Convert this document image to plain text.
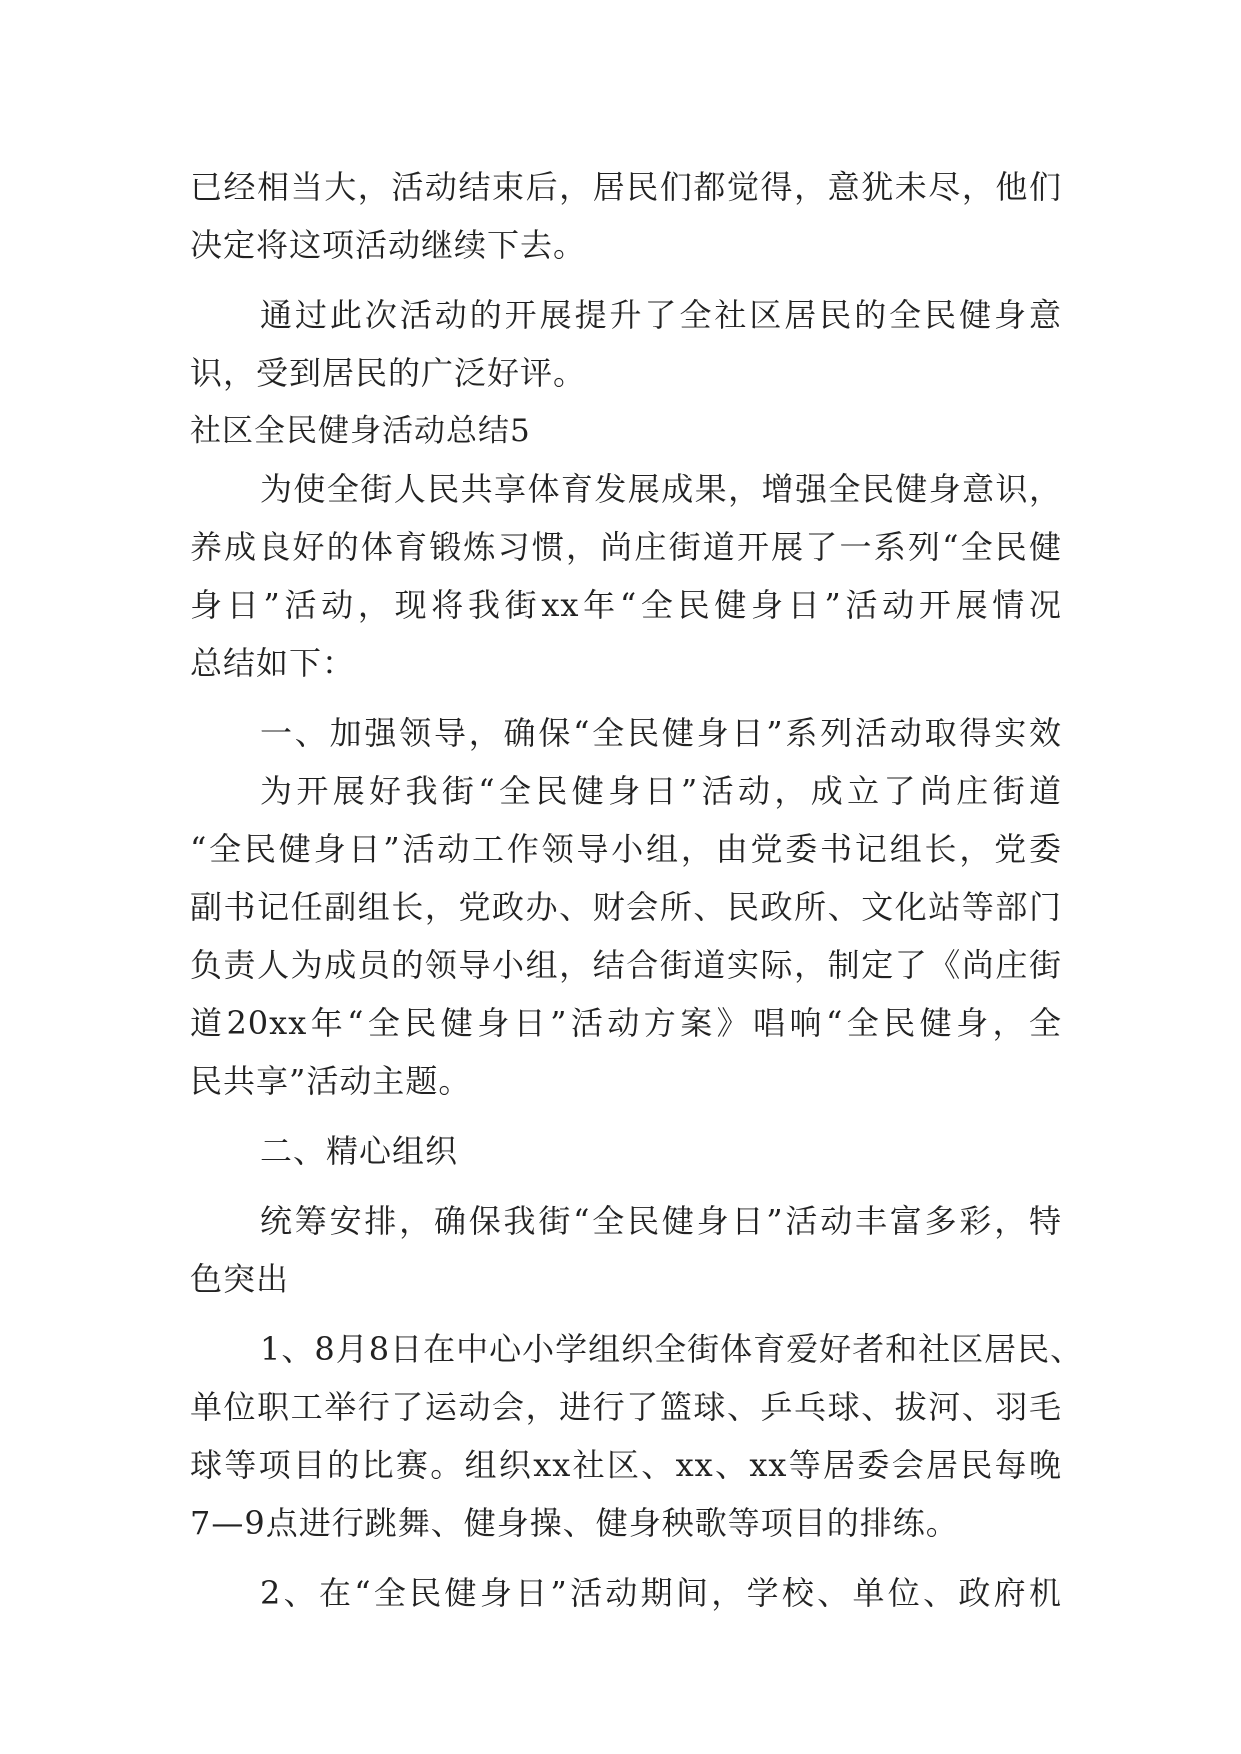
已经相当大，活动结束后，居民们都觉得，意犹未尽，他们
决定将这项活动继续下去。
通过此次活动的开展提升了全社区居民的全民健身意
识，受到居民的广泛好评。
社区全民健身活动总结5
为使全街人民共享体育发展成果，增强全民健身意识，
养成良好的体育锻炼习惯，尚庄街道开展了一系列“全民健
身日”活动，现将我街xx年“全民健身日”活动开展情况
总结如下：
一、加强领导，确保“全民健身日”系列活动取得实效
为开展好我街“全民健身日”活动，成立了尚庄街道
“全民健身日”活动工作领导小组，由党委书记组长，党委
副书记任副组长，党政办、财会所、民政所、文化站等部门
负责人为成员的领导小组，结合街道实际，制定了《尚庄街
道20xx年“全民健身日”活动方案》唱响“全民健身，全
民共享”活动主题。
二、精心组织
统筹安排，确保我街“全民健身日”活动丰富多彩，特
色突出
1、8月8日在中心小学组织全街体育爱好者和社区居民、
单位职工举行了运动会，进行了篮球、乒乓球、拔河、羽毛
球等项目的比赛。组织xx社区、xx、xx等居委会居民每晚
7—9点进行跳舞、健身操、健身秧歌等项目的排练。
2、在“全民健身日”活动期间，学校、单位、政府机
